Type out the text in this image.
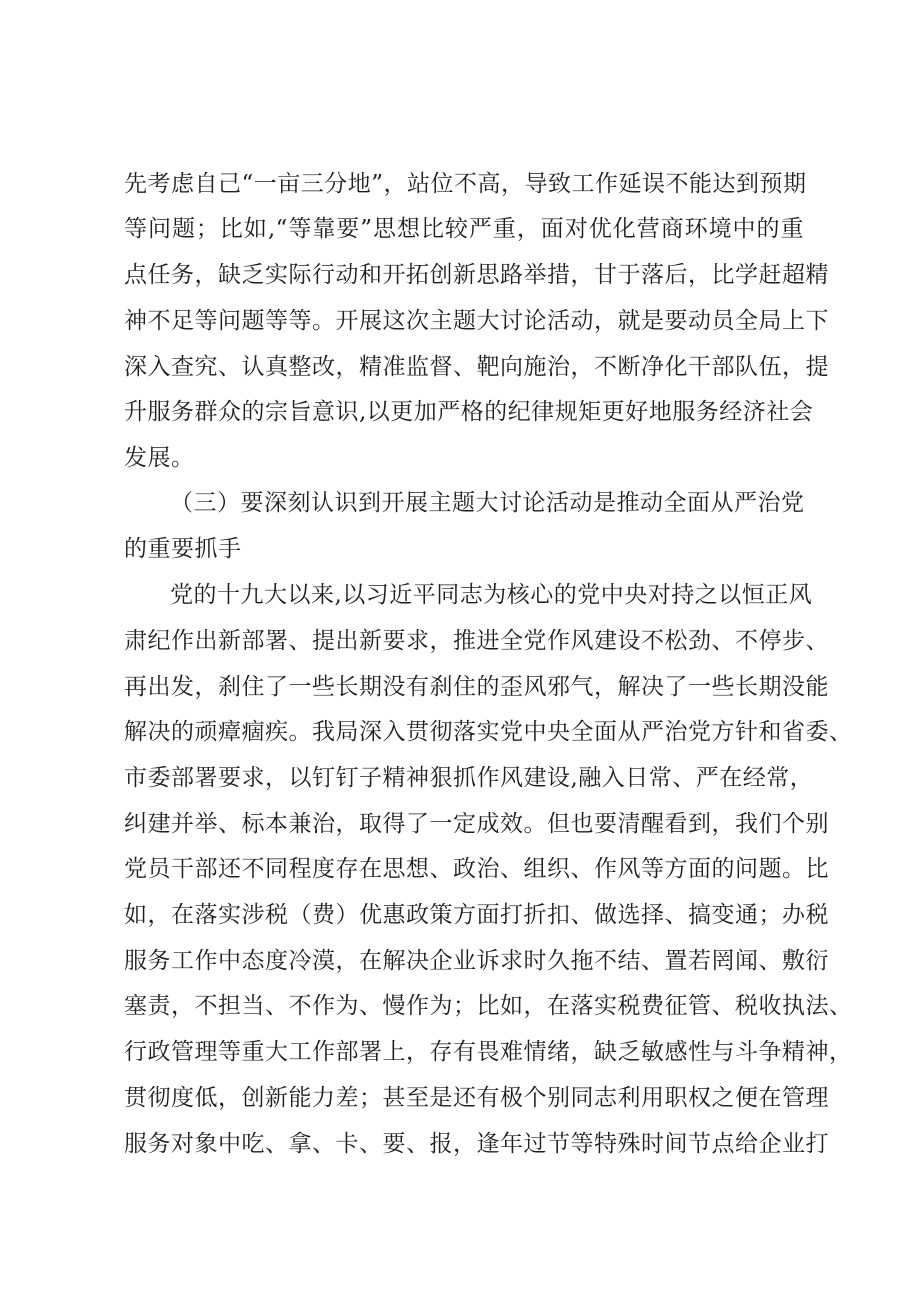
先考虑自己“一亩三分地”，站位不高，导致工作延误不能达到预期
等问题；比如,“等靠要”思想比较严重，面对优化营商环境中的重
点任务，缺乏实际行动和开拓创新思路举措，甘于落后，比学赶超精
神不足等问题等等。开展这次主题大讨论活动，就是要动员全局上下
深入查究、认真整改，精准监督、靶向施治，不断净化干部队伍，提
升服务群众的宗旨意识,以更加严格的纪律规矩更好地服务经济社会
发展。
（三）要深刻认识到开展主题大讨论活动是推动全面从严治党
的重要抓手
党的十九大以来,以习近平同志为核心的党中央对持之以恒正风
肃纪作出新部署、提出新要求，推进全党作风建设不松劲、不停步、
再出发，刹住了一些长期没有刹住的歪风邪气，解决了一些长期没能
解决的顽瘴痼疾。我局深入贯彻落实党中央全面从严治党方针和省委、
市委部署要求，以钉钉子精神狠抓作风建设,融入日常、严在经常，
纠建并举、标本兼治，取得了一定成效。但也要清醒看到，我们个别
党员干部还不同程度存在思想、政治、组织、作风等方面的问题。比
如，在落实涉税（费）优惠政策方面打折扣、做选择、搞变通；办税
服务工作中态度冷漠，在解决企业诉求时久拖不结、置若罔闻、敷衍
塞责，不担当、不作为、慢作为；比如，在落实税费征管、税收执法、
行政管理等重大工作部署上，存有畏难情绪，缺乏敏感性与斗争精神，
贯彻度低，创新能力差；甚至是还有极个别同志利用职权之便在管理
服务对象中吃、拿、卡、要、报，逢年过节等特殊时间节点给企业打
